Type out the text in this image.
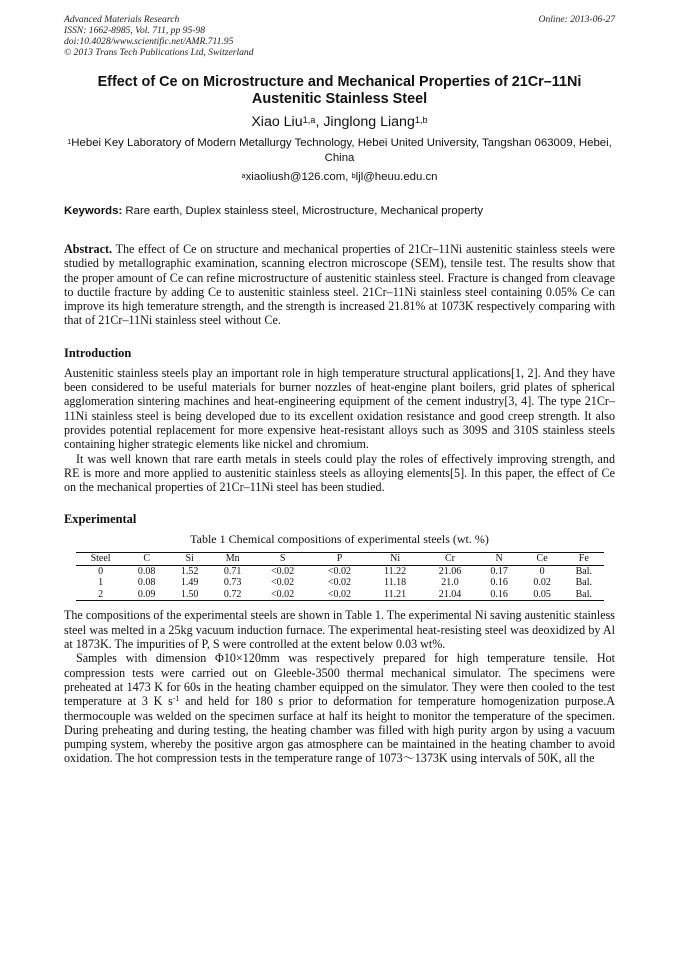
Advanced Materials Research
ISSN: 1662-8985, Vol. 711, pp 95-98
doi:10.4028/www.scientific.net/AMR.711.95
© 2013 Trans Tech Publications Ltd, Switzerland
Online: 2013-06-27
Effect of Ce on Microstructure and Mechanical Properties of 21Cr–11Ni Austenitic Stainless Steel
Xiao Liu$^{1,a}$, Jinglong Liang$^{1,b}$
$^1$Hebei Key Laboratory of Modern Metallurgy Technology, Hebei United University, Tangshan 063009, Hebei, China
$^a$xiaoliush@126.com, $^b$ljl@heuu.edu.cn
Keywords: Rare earth, Duplex stainless steel, Microstructure, Mechanical property
Abstract. The effect of Ce on structure and mechanical properties of 21Cr–11Ni austenitic stainless steels were studied by metallographic examination, scanning electron microscope (SEM), tensile test. The results show that the proper amount of Ce can refine microstructure of austenitic stainless steel. Fracture is changed from cleavage to ductile fracture by adding Ce to austenitic stainless steel. 21Cr–11Ni stainless steel containing 0.05% Ce can improve its high temerature strength, and the strength is increased 21.81% at 1073K respectively comparing with that of 21Cr–11Ni stainless steel without Ce.
Introduction
Austenitic stainless steels play an important role in high temperature structural applications[1, 2]. And they have been considered to be useful materials for burner nozzles of heat-engine plant boilers, grid plates of spherical agglomeration sintering machines and heat-engineering equipment of the cement industry[3, 4]. The type 21Cr–11Ni stainless steel is being developed due to its excellent oxidation resistance and good creep strength. It also provides potential replacement for more expensive heat-resistant alloys such as 309S and 310S stainless steels containing higher strategic elements like nickel and chromium.
It was well known that rare earth metals in steels could play the roles of effectively improving strength, and RE is more and more applied to austenitic stainless steels as alloying elements[5]. In this paper, the effect of Ce on the mechanical properties of 21Cr–11Ni steel has been studied.
Experimental
Table 1 Chemical compositions of experimental steels (wt. %)
Steel	C	Si	Mn	S	P	Ni	Cr	N	Ce	Fe
0	0.08	1.52	0.71	<0.02	<0.02	11.22	21.06	0.17	0	Bal.
1	0.08	1.49	0.73	<0.02	<0.02	11.18	21.0	0.16	0.02	Bal.
2	0.09	1.50	0.72	<0.02	<0.02	11.21	21.04	0.16	0.05	Bal.
The compositions of the experimental steels are shown in Table 1. The experimental Ni saving austenitic stainless steel was melted in a 25kg vacuum induction furnace. The experimental heat-resisting steel was deoxidized by Al at 1873K. The impurities of P, S were controlled at the extent below 0.03 wt%.
Samples with dimension Φ10×120mm was respectively prepared for high temperature tensile. Hot compression tests were carried out on Gleeble-3500 thermal mechanical simulator. The specimens were preheated at 1473 K for 60s in the heating chamber equipped on the simulator. They were then cooled to the test temperature at 3 K $s^{-1}$ and held for 180 s prior to deformation for temperature homogenization purpose.A thermocouple was welded on the specimen surface at half its height to monitor the temperature of the specimen. During preheating and during testing, the heating chamber was filled with high purity argon by using a vacuum pumping system, whereby the positive argon gas atmosphere can be maintained in the heating chamber to avoid oxidation. The hot compression tests in the temperature range of 1073～1373K using intervals of 50K, all the
